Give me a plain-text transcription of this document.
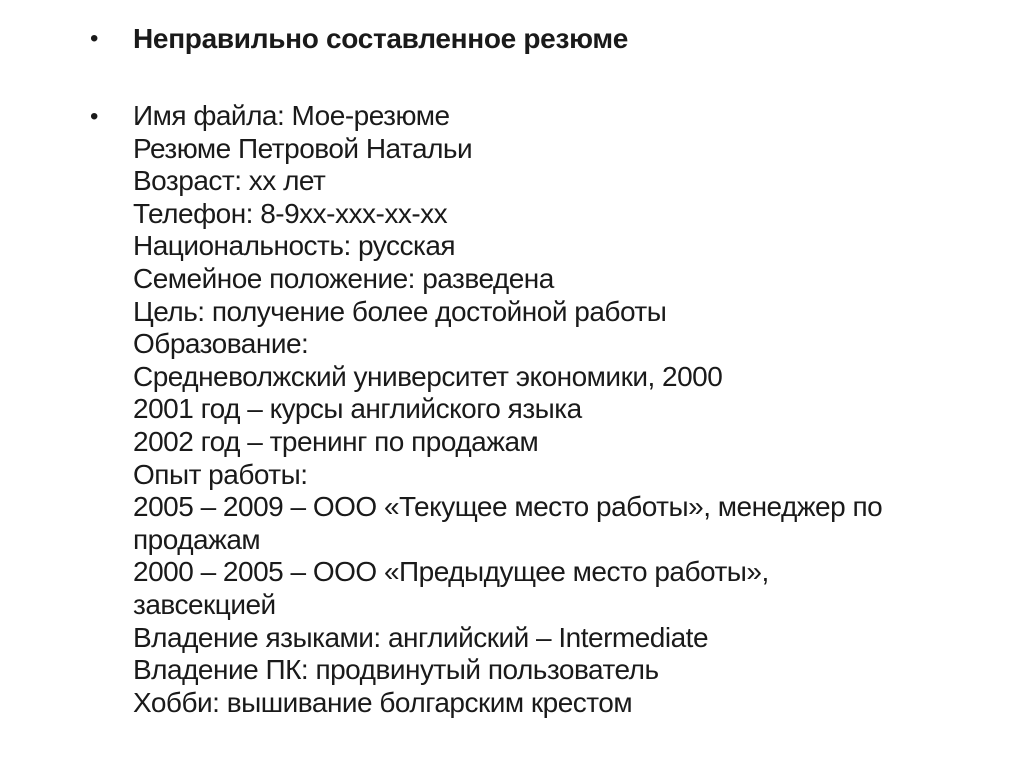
•	Неправильно составленное резюме
•	Имя файла: Мое-резюме
Резюме Петровой Натальи
Возраст: хх лет
Телефон: 8-9хх-ххх-хх-хх
Национальность: русская
Семейное положение: разведена
Цель: получение более достойной работы
Образование:
Средневолжский университет экономики, 2000
2001 год – курсы английского языка
2002 год – тренинг по продажам
Опыт работы:
2005 – 2009 – ООО «Текущее место работы», менеджер по
продажам
2000 – 2005 – ООО «Предыдущее место работы»,
завсекцией
Владение языками: английский – Intermediate
Владение ПК: продвинутый пользователь
Хобби: вышивание болгарским крестом
